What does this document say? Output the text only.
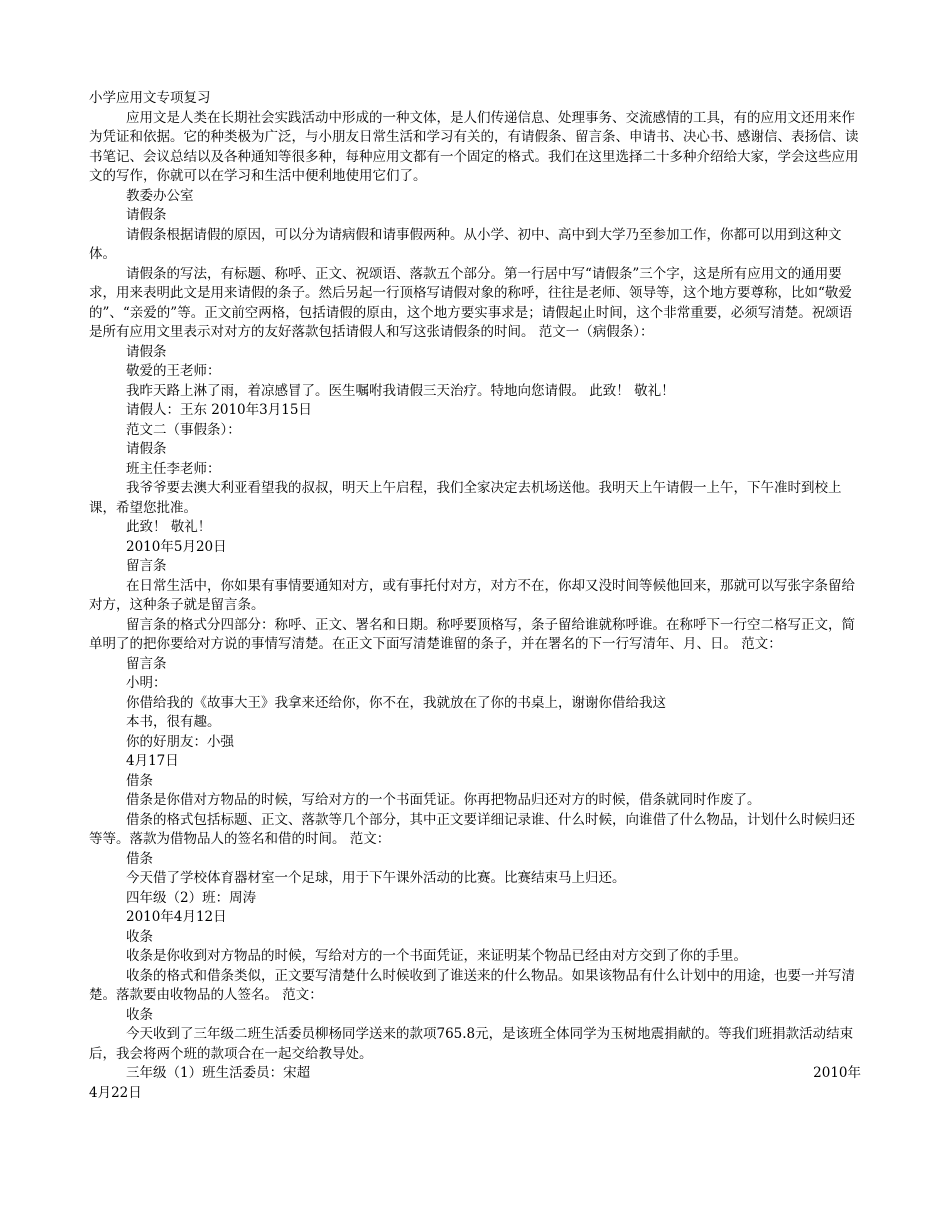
小学应用文专项复习

应用文是人类在长期社会实践活动中形成的一种文体，是人们传递信息、处理事务、交流感情的工具，有的应用文还用来作为凭证和依据。它的种类极为广泛，与小朋友日常生活和学习有关的，有请假条、留言条、申请书、决心书、感谢信、表扬信、读书笔记、会议总结以及各种通知等很多种，每种应用文都有一个固定的格式。我们在这里选择二十多种介绍给大家，学会这些应用文的写作，你就可以在学习和生活中便利地使用它们了。

教委办公室

请假条

请假条根据请假的原因，可以分为请病假和请事假两种。从小学、初中、高中到大学乃至参加工作，你都可以用到这种文体。

请假条的写法，有标题、称呼、正文、祝颂语、落款五个部分。第一行居中写“请假条”三个字，这是所有应用文的通用要求，用来表明此文是用来请假的条子。然后另起一行顶格写请假对象的称呼，往往是老师、领导等，这个地方要尊称，比如“敬爱的”、“亲爱的”等。正文前空两格，包括请假的原由，这个地方要实事求是；请假起止时间，这个非常重要，必须写清楚。祝颂语是所有应用文里表示对对方的友好落款包括请假人和写这张请假条的时间。 范文一（病假条）：

请假条

敬爱的王老师：

我昨天路上淋了雨，着凉感冒了。医生嘱咐我请假三天治疗。特地向您请假。 此致！ 敬礼！

请假人：王东 2010年3月15日

范文二（事假条）：

请假条

班主任李老师：

我爷爷要去澳大利亚看望我的叔叔，明天上午启程，我们全家决定去机场送他。我明天上午请假一上午，下午准时到校上课，希望您批准。

此致！ 敬礼！

2010年5月20日

留言条

在日常生活中，你如果有事情要通知对方，或有事托付对方，对方不在，你却又没时间等候他回来，那就可以写张字条留给对方，这种条子就是留言条。

留言条的格式分四部分：称呼、正文、署名和日期。称呼要顶格写，条子留给谁就称呼谁。在称呼下一行空二格写正文，简单明了的把你要给对方说的事情写清楚。在正文下面写清楚谁留的条子，并在署名的下一行写清年、月、日。 范文：

留言条

小明：

你借给我的《故事大王》我拿来还给你，你不在，我就放在了你的书桌上，谢谢你借给我这

本书，很有趣。

你的好朋友：小强

4月17日

借条

借条是你借对方物品的时候，写给对方的一个书面凭证。你再把物品归还对方的时候，借条就同时作废了。

借条的格式包括标题、正文、落款等几个部分，其中正文要详细记录谁、什么时候，向谁借了什么物品，计划什么时候归还等等。落款为借物品人的签名和借的时间。 范文：

借条

今天借了学校体育器材室一个足球，用于下午课外活动的比赛。比赛结束马上归还。

四年级（2）班：周涛

2010年4月12日

收条

收条是你收到对方物品的时候，写给对方的一个书面凭证，来证明某个物品已经由对方交到了你的手里。

收条的格式和借条类似，正文要写清楚什么时候收到了谁送来的什么物品。如果该物品有什么计划中的用途，也要一并写清楚。落款要由收物品的人签名。 范文：

收条

今天收到了三年级二班生活委员柳杨同学送来的款项765.8元，是该班全体同学为玉树地震捐献的。等我们班捐款活动结束后，我会将两个班的款项合在一起交给教导处。

三年级（1）班生活委员：宋超	2010年

4月22日
